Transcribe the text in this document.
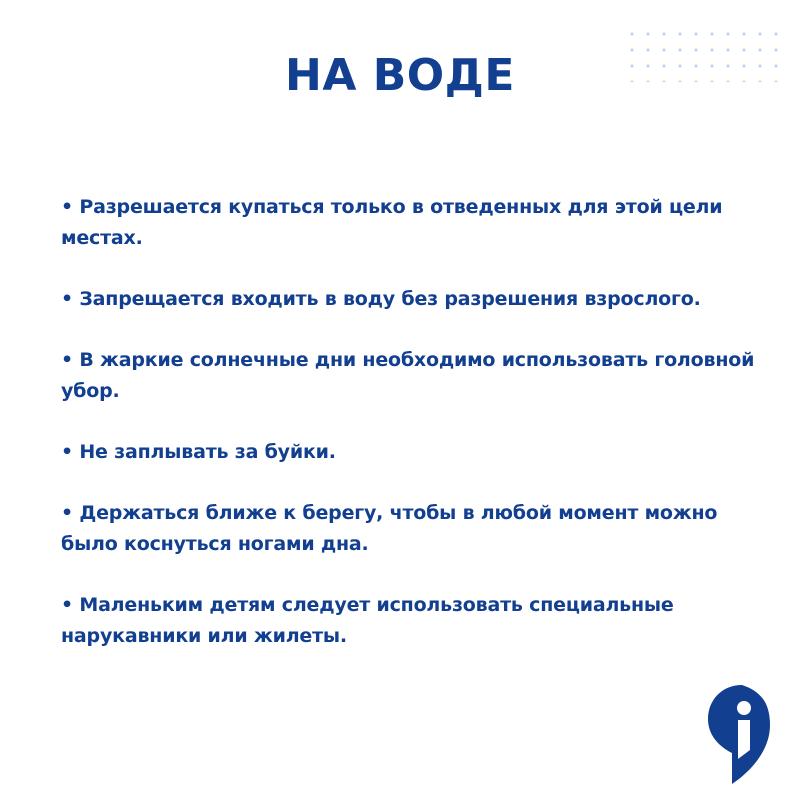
НА ВОДЕ
• Разрешается купаться только в отведенных для этой цели местах.
• Запрещается входить в воду без разрешения взрослого.
• В жаркие солнечные дни необходимо использовать головной убор.
• Не заплывать за буйки.
• Держаться ближе к берегу, чтобы в любой момент можно было коснуться ногами дна.
• Маленьким детям следует использовать специальные нарукавники или жилеты.
